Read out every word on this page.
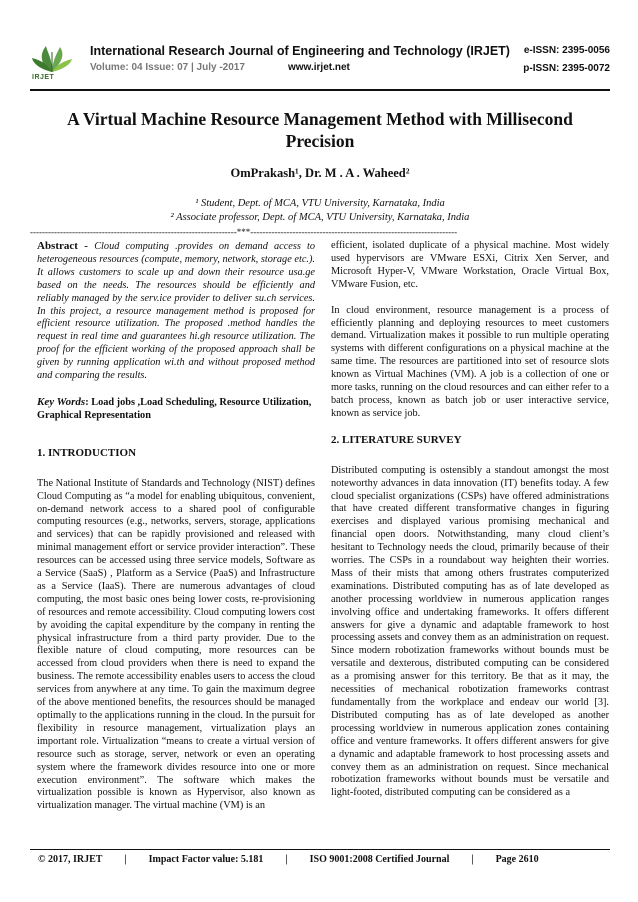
IRJET
International Research Journal of Engineering and Technology (IRJET) e-ISSN: 2395-0056
Volume: 04 Issue: 07 | July -2017	www.irjet.net	p-ISSN: 2395-0072
A Virtual Machine Resource Management Method with Millisecond Precision
OmPrakash¹, Dr. M . A . Waheed²
¹ Student, Dept. of MCA, VTU University, Karnataka, India
² Associate professor, Dept. of MCA, VTU University, Karnataka, India
---------------------------------------------------------------------***---------------------------------------------------------------------

Abstract - Cloud computing .provides on demand access to heterogeneous resources (compute, memory, network, storage etc.). It allows customers to scale up and down their resource usa.ge based on the needs. The resources should be efficiently and reliably managed by the serv.ice provider to deliver su.ch services. In this project, a resource management method is proposed for efficient resource utilization. The proposed .method handles the request in real time and guarantees hi.gh resource utilization. The proof for the efficient working of the proposed approach shall be given by running application wi.th and without proposed method and comparing the results.

Key Words: Load jobs ,Load Scheduling, Resource Utilization, Graphical Representation

1. INTRODUCTION

The National Institute of Standards and Technology (NIST) defines Cloud Computing as “a model for enabling ubiquitous, convenient, on-demand network access to a shared pool of configurable computing resources (e.g., networks, servers, storage, applications and services) that can be rapidly provisioned and released with minimal management effort or service provider interaction”. These resources can be accessed using three service models, Software as a Service (SaaS) , Platform as a Service (PaaS) and Infrastructure as a Service (IaaS). There are numerous advantages of cloud computing, the most basic ones being lower costs, re-provisioning of resources and remote accessibility. Cloud computing lowers cost by avoiding the capital expenditure by the company in renting the physical infrastructure from a third party provider. Due to the flexible nature of cloud computing, more resources can be accessed from cloud providers when there is need to expand the business. The remote accessibility enables users to access the cloud services from anywhere at any time. To gain the maximum degree of the above mentioned benefits, the resources should be managed optimally to the applications running in the cloud. In the pursuit for flexibility in resource management, virtualization plays an important role. Virtualization “means to create a virtual version of resource such as storage, server, network or even an operating system where the framework divides resource into one or more execution environment”. The software which makes the virtualization possible is known as Hypervisor, also known as virtualization manager. The virtual machine (VM) is an

efficient, isolated duplicate of a physical machine. Most widely used hypervisors are VMware ESXi, Citrix Xen Server, and Microsoft Hyper-V, VMware Workstation, Oracle Virtual Box, VMware Fusion, etc.

In cloud environment, resource management is a process of efficiently planning and deploying resources to meet customers demand. Virtualization makes it possible to run multiple operating systems with different configurations on a physical machine at the same time. The resources are partitioned into set of resource slots known as Virtual Machines (VM). A job is a collection of one or more tasks, running on the cloud resources and can either refer to a batch process, known as batch job or user interactive service, known as service job.

2. LITERATURE SURVEY

Distributed computing is ostensibly a standout amongst the most noteworthy advances in data innovation (IT) benefits today. A few cloud specialist organizations (CSPs) have offered administrations that have created different transformative changes in figuring exercises and displayed various promising mechanical and financial open doors. Notwithstanding, many cloud client’s hesitant to Technology needs the cloud, primarily because of their worries. The CSPs in a roundabout way heighten their worries. Mass of their mists that among others frustrates computerized examinations. Distributed computing has as of late developed as another processing worldview in numerous application ranges involving office and undertaking frameworks. It offers different answers for give a dynamic and adaptable framework to host processing assets and convey them as an administration on request. Since modern robotization frameworks without bounds must be versatile and dexterous, distributed computing can be considered as a promising answer for this territory. Be that as it may, the necessities of mechanical robotization frameworks contrast fundamentally from the workplace and endeav our world [3]. Distributed computing has as of late developed as another processing worldview in numerous application zones containing office and venture frameworks. It offers different answers for give a dynamic and adaptable framework to host processing assets and convey them as an administration on request. Since mechanical robotization frameworks without bounds must be versatile and light-footed, distributed computing can be considered as a

© 2017, IRJET | Impact Factor value: 5.181 | ISO 9001:2008 Certified Journal | Page 2610
